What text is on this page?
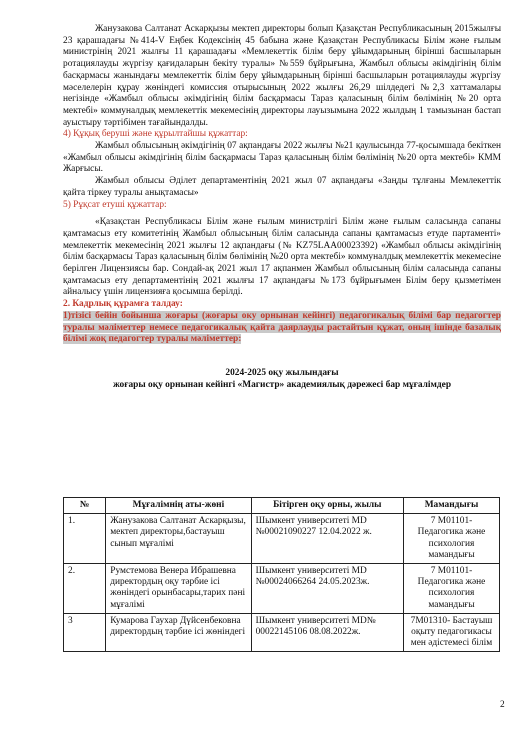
Жанузакова Салтанат Аскарқызы мектеп директоры болып Қазақстан Республикасының 2015жылғы 23 қарашадағы №414-V Еңбек Кодексінің 45 бабына және Қазақстан Республикасы Білім және ғылым министрінің 2021 жылғы 11 қарашадағы «Мемлекеттік білім беру ұйымдарының бірінші басшыларын ротациялауды жүргізу қағидаларын бекіту туралы» №559 бұйрығына, Жамбыл облысы әкімдігінің білім басқармасы жанындағы мемлекеттік білім беру ұйымдарының бірінші басшыларын ротациялауды жүргізу мәселелерін құрау жөніндегі комиссия отырысының 2022 жылғы 26,29 шілдедегі №2,3 хаттамалары негізінде «Жамбыл облысы әкімдігінің білім басқармасы Тараз қаласының білім бөлімінің №20 орта мектебі» коммуналдық мемлекеттік мекемесінің директоры лауызымына 2022 жылдың 1 тамызынан бастап ауыстыру тәртібімен тағайындалды.

4) Құқық беруші және құрылтайшы құжаттар:

Жамбыл облысының әкімдігінің 07 ақпандағы 2022 жылғы №21 қаулысында 77-қосымшада бекіткен «Жамбыл облысы әкімдігінің білім басқармасы Тараз қаласының білім бөлімінің №20 орта мектебі» КММ Жарғысы.

Жамбыл облысы Әділет департаментінің 2021 жыл 07 ақпандағы «Заңды тұлғаны Мемлекеттік қайта тіркеу туралы анықтамасы»

5) Рұқсат етуші құжаттар:

«Қазақстан Республикасы Білім және ғылым министрлігі Білім және ғылым саласында сапаны қамтамасыз ету комитетінің Жамбыл облысының білім саласында сапаны қамтамасыз етуде партаменті» мемлекеттік мекемесінің 2021 жылғы 12 ақпандағы (№ KZ75LAA00023392) «Жамбыл облысы әкімдігінің білім басқармасы Тараз қаласының білім бөлімінің №20 орта мектебі» коммуналдық мемлекеттік мекемесіне берілген Лицензиясы бар. Сондай-ақ 2021 жыл 17 ақпанмен Жамбыл облысының білім саласында сапаны қамтамасыз ету департаментінің 2021 жылғы 17 ақпандағы №173 бұйрығымен Білім беру қызметімен айналысу үшін лицензияға қосымша берілді.

2. Кадрлық құрамға талдау:

1)тізісі бейін бойынша жоғары (жоғары оку орнынан кейінгі) педагогикалық білімі бар педагогтер туралы мәліметтер немесе педагогикалық қайта даярлауды растайтын құжат, оның ішінде базалық білімі жоқ педагогтер туралы мәліметтер:

2024-2025 оқу жылындағы

жоғары оқу орнынан кейінгі «Магистр» академиялық дәрежесі бар мұғалімдер

№	Мұғалімнің аты-жөні	Бітірген оқу орны, жылы	Мамандығы
1.	Жанузакова Салтанат Аскарқызы, мектеп директоры,бастауыш сынып мұғалімі	Шымкент университеті MD №00021090227 12.04.2022 ж.	7 М01101- Педагогика және психология мамандығы
2.	Румстемова Венера Ибрашевна директордың оқу тәрбие ісі жөніндегі орынбасары,тарих пәні мұғалімі	Шымкент университеті MD №00024066264 24.05.2023ж.	7 М01101- Педагогика және психология мамандығы
3	Кумарова Гаухар Дүйсенбековна директордың тәрбие ісі жөніндегі	Шымкент университеті MD№ 00022145106 08.08.2022ж.	7М01310- Бастауыш оқыту педагогикасы мен әдістемесі білім
2
